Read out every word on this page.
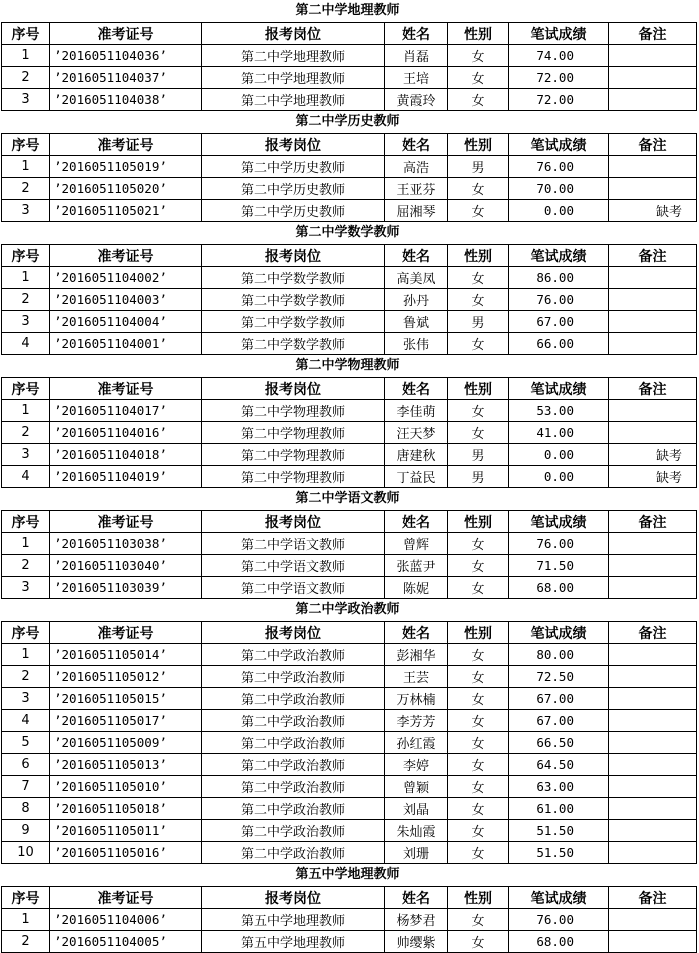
第二中学地理教师
序号	准考证号	报考岗位	姓名	性别	笔试成绩	备注
1	’2016051104036’	第二中学地理教师	肖磊	女	74.00	
2	’2016051104037’	第二中学地理教师	王培	女	72.00	
3	’2016051104038’	第二中学地理教师	黄霞玲	女	72.00	
第二中学历史教师
序号	准考证号	报考岗位	姓名	性别	笔试成绩	备注
1	’2016051105019’	第二中学历史教师	高浩	男	76.00	
2	’2016051105020’	第二中学历史教师	王亚芬	女	70.00	
3	’2016051105021’	第二中学历史教师	屈湘琴	女	0.00	缺考
第二中学数学教师
序号	准考证号	报考岗位	姓名	性别	笔试成绩	备注
1	’2016051104002’	第二中学数学教师	高美凤	女	86.00	
2	’2016051104003’	第二中学数学教师	孙丹	女	76.00	
3	’2016051104004’	第二中学数学教师	鲁斌	男	67.00	
4	’2016051104001’	第二中学数学教师	张伟	女	66.00	
第二中学物理教师
序号	准考证号	报考岗位	姓名	性别	笔试成绩	备注
1	’2016051104017’	第二中学物理教师	李佳萌	女	53.00	
2	’2016051104016’	第二中学物理教师	汪天梦	女	41.00	
3	’2016051104018’	第二中学物理教师	唐建秋	男	0.00	缺考
4	’2016051104019’	第二中学物理教师	丁益民	男	0.00	缺考
第二中学语文教师
序号	准考证号	报考岗位	姓名	性别	笔试成绩	备注
1	’2016051103038’	第二中学语文教师	曾辉	女	76.00	
2	’2016051103040’	第二中学语文教师	张蓝尹	女	71.50	
3	’2016051103039’	第二中学语文教师	陈妮	女	68.00	
第二中学政治教师
序号	准考证号	报考岗位	姓名	性别	笔试成绩	备注
1	’2016051105014’	第二中学政治教师	彭湘华	女	80.00	
2	’2016051105012’	第二中学政治教师	王芸	女	72.50	
3	’2016051105015’	第二中学政治教师	万林楠	女	67.00	
4	’2016051105017’	第二中学政治教师	李芳芳	女	67.00	
5	’2016051105009’	第二中学政治教师	孙红霞	女	66.50	
6	’2016051105013’	第二中学政治教师	李婷	女	64.50	
7	’2016051105010’	第二中学政治教师	曾颖	女	63.00	
8	’2016051105018’	第二中学政治教师	刘晶	女	61.00	
9	’2016051105011’	第二中学政治教师	朱灿霞	女	51.50	
10	’2016051105016’	第二中学政治教师	刘珊	女	51.50	
第五中学地理教师
序号	准考证号	报考岗位	姓名	性别	笔试成绩	备注
1	’2016051104006’	第五中学地理教师	杨梦君	女	76.00	
2	’2016051104005’	第五中学地理教师	帅缨紫	女	68.00	
